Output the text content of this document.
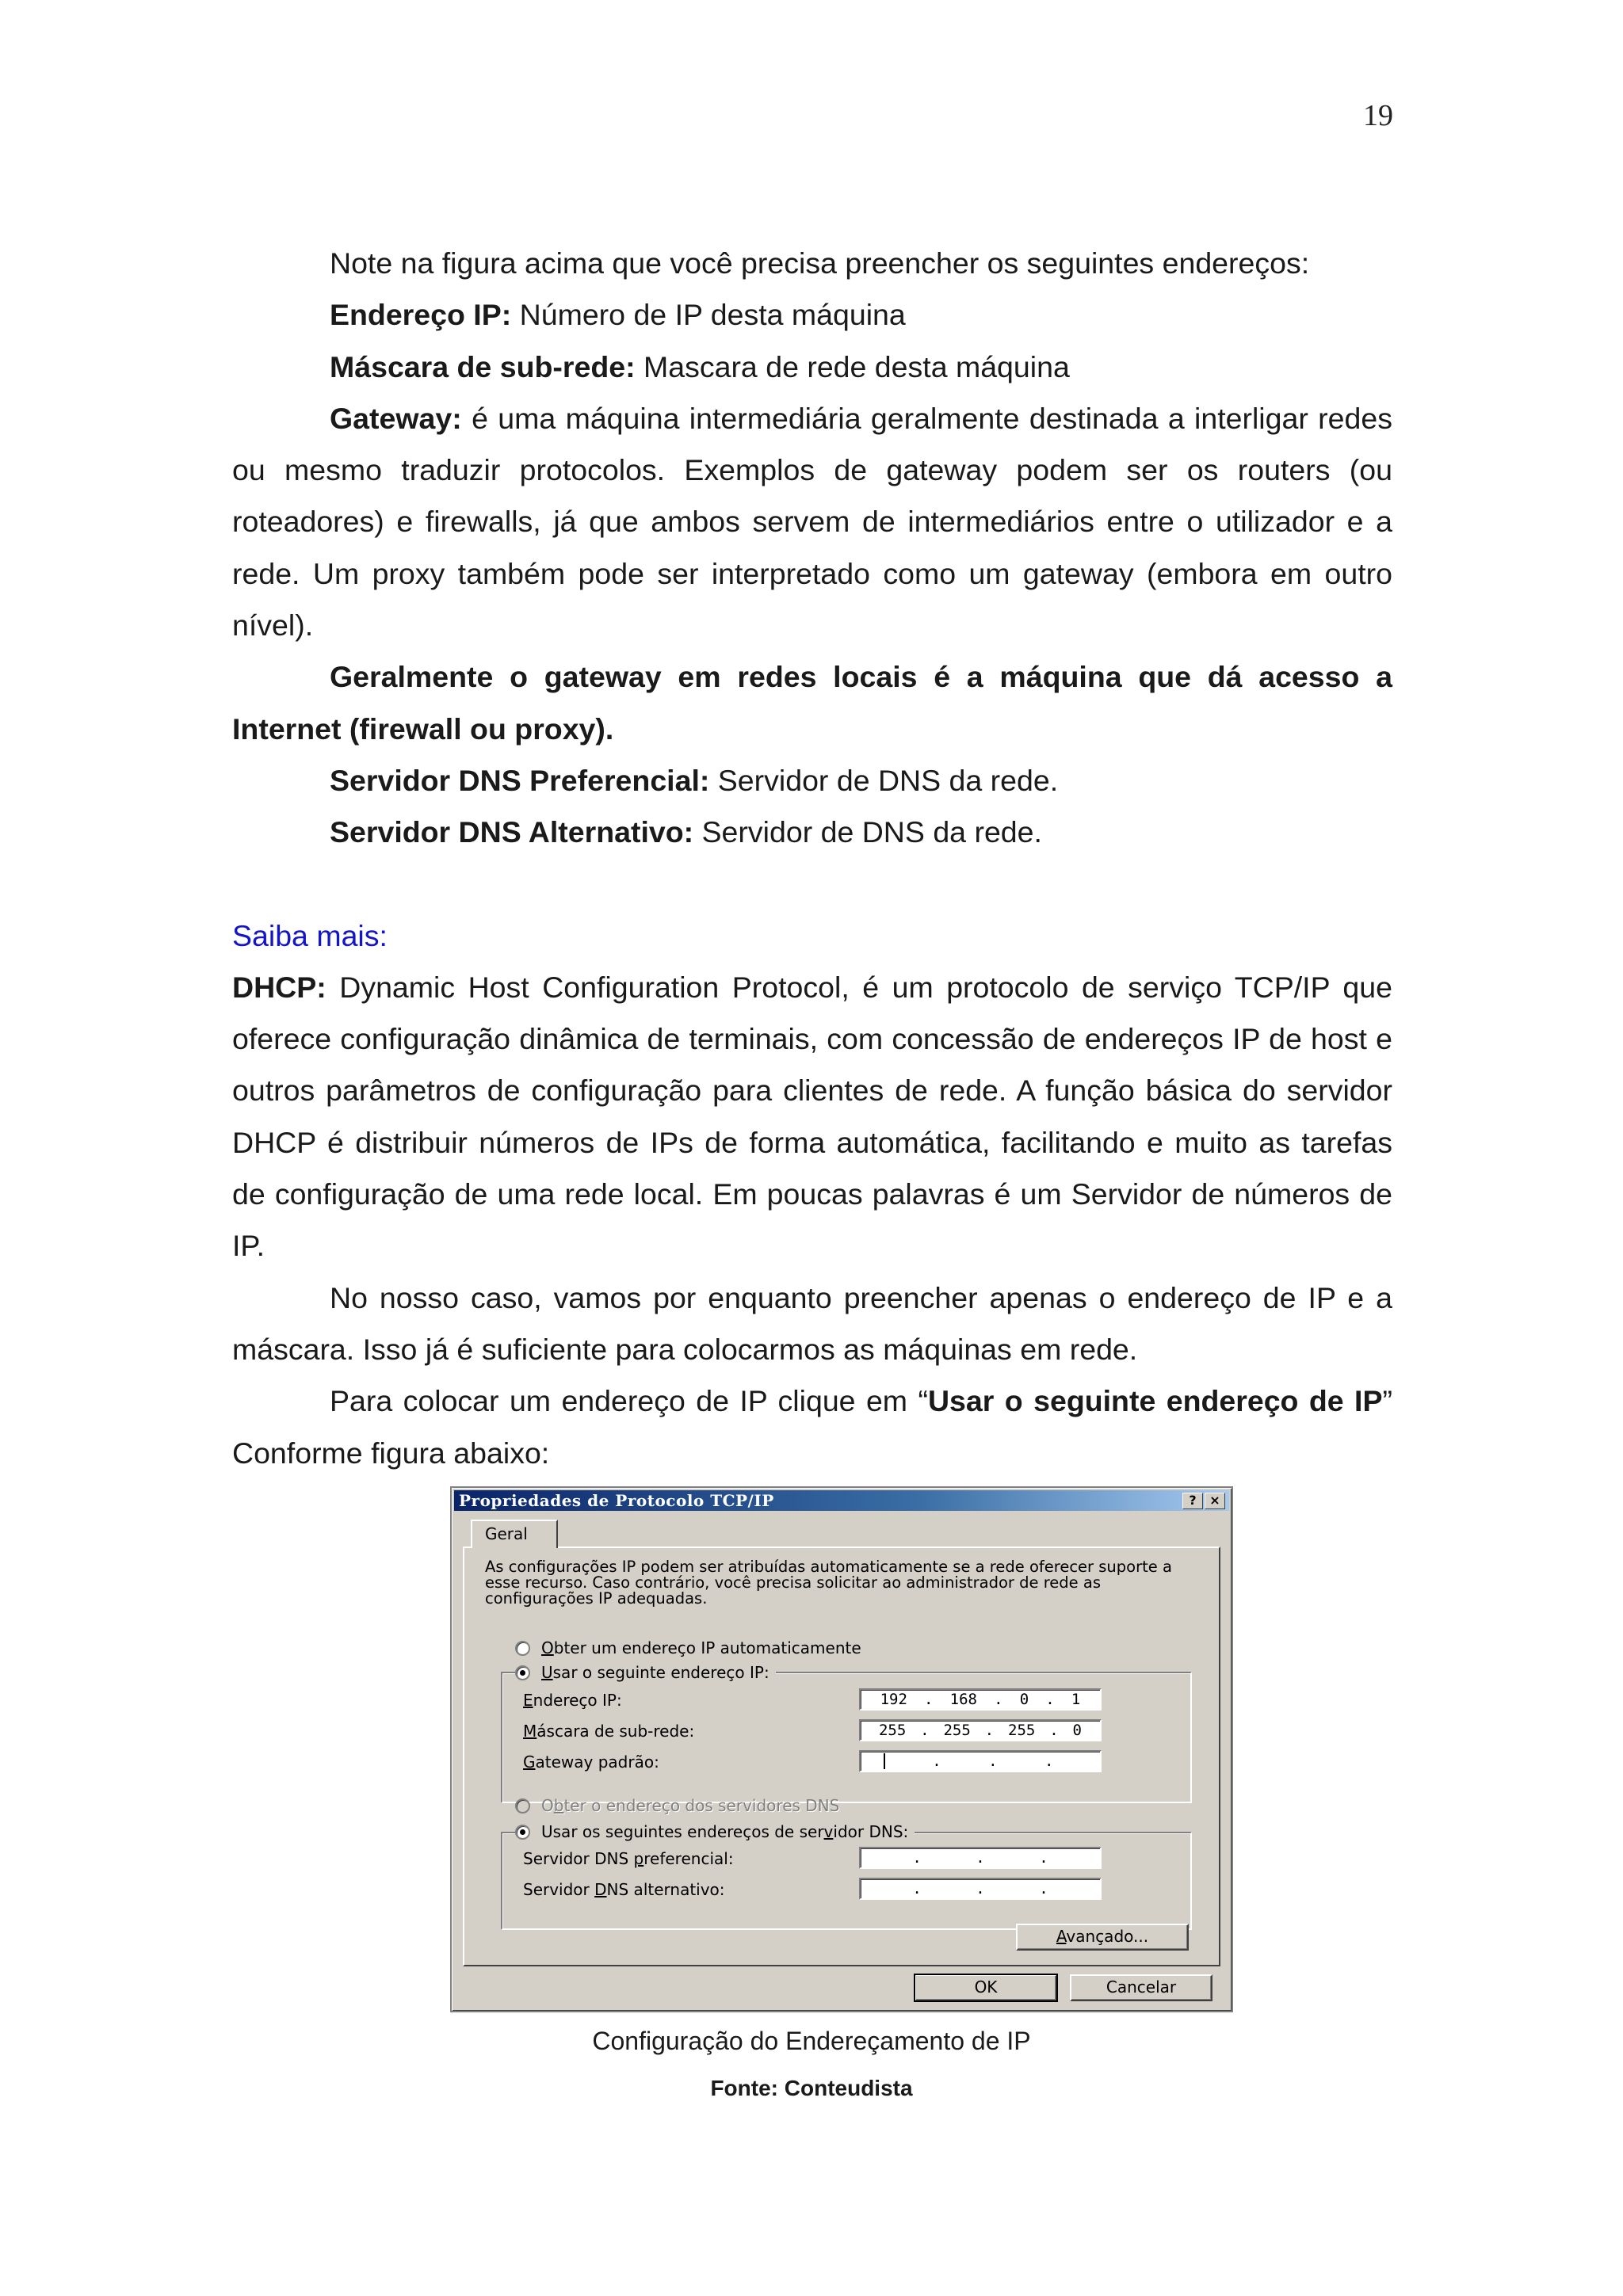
19
Note na figura acima que você precisa preencher os seguintes endereços:
Endereço IP: Número de IP desta máquina
Máscara de sub-rede: Mascara de rede desta máquina
Gateway: é uma máquina intermediária geralmente destinada a interligar redes ou mesmo traduzir protocolos. Exemplos de gateway podem ser os routers (ou roteadores) e firewalls, já que ambos servem de intermediários entre o utilizador e a rede. Um proxy também pode ser interpretado como um gateway (embora em outro nível).
Geralmente o gateway em redes locais é a máquina que dá acesso a Internet (firewall ou proxy).
Servidor DNS Preferencial: Servidor de DNS da rede.
Servidor DNS Alternativo: Servidor de DNS da rede.
Saiba mais:
DHCP: Dynamic Host Configuration Protocol, é um protocolo de serviço TCP/IP que oferece configuração dinâmica de terminais, com concessão de endereços IP de host e outros parâmetros de configuração para clientes de rede. A função básica do servidor DHCP é distribuir números de IPs de forma automática, facilitando e muito as tarefas de configuração de uma rede local. Em poucas palavras é um Servidor de números de IP.
No nosso caso, vamos por enquanto preencher apenas o endereço de IP e a máscara. Isso já é suficiente para colocarmos as máquinas em rede.
Para colocar um endereço de IP clique em “Usar o seguinte endereço de IP” Conforme figura abaixo:
Propriedades de Protocolo TCP/IP	?	×
Geral
As configurações IP podem ser atribuídas automaticamente se a rede oferecer suporte a esse recurso. Caso contrário, você precisa solicitar ao administrador de rede as configurações IP adequadas.
Obter um endereço IP automaticamente
Usar o seguinte endereço IP:
Endereço IP:	192 . 168 . 0 . 1
Máscara de sub-rede:	255 . 255 . 255 . 0
Gateway padrão:	.	.	.
Obter o endereço dos servidores DNS
Usar os seguintes endereços de servidor DNS:
Servidor DNS preferencial:	.	.	.
Servidor DNS alternativo:	.	.	.
Avançado...
OK	Cancelar
Configuração do Endereçamento de IP
Fonte: Conteudista
